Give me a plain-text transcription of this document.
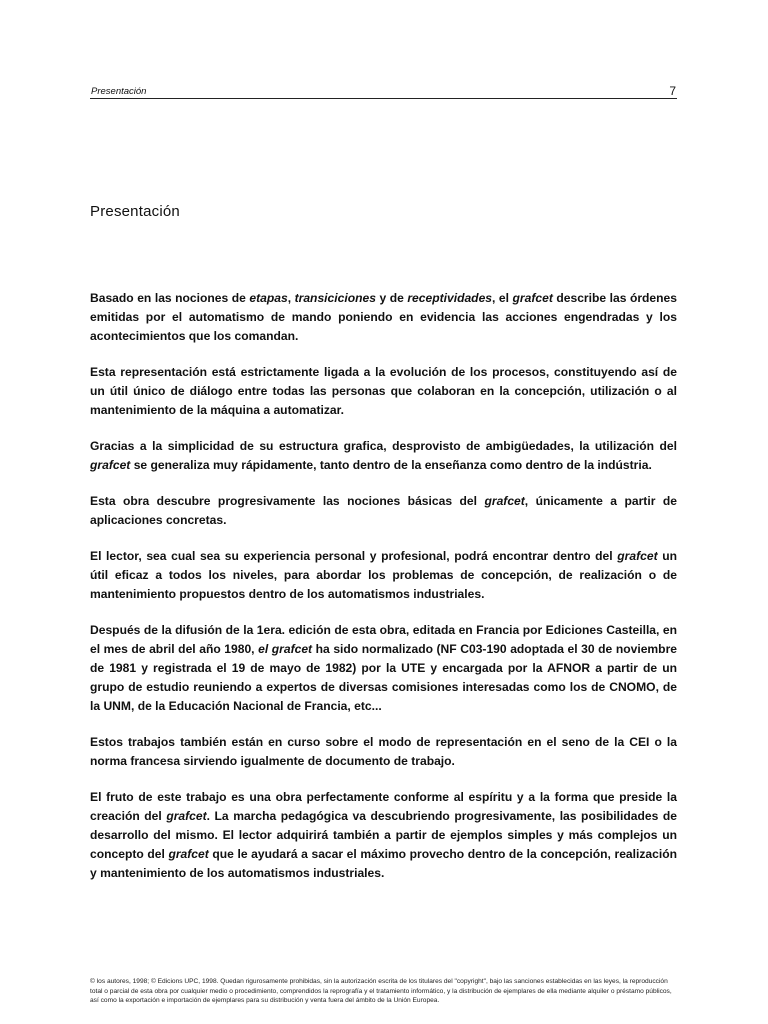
Presentación	7
Presentación

Basado en las nociones de etapas, transiciciones y de receptividades, el grafcet describe las órdenes emitidas por el automatismo de mando poniendo en evidencia las acciones engendradas y los acontecimientos que los comandan.

Esta representación está estrictamente ligada a la evolución de los procesos, constituyendo así de un útil único de diálogo entre todas las personas que colaboran en la concepción, utilización o al mantenimiento de la máquina a automatizar.

Gracias a la simplicidad de su estructura grafica, desprovisto de ambigüedades, la utilización del grafcet se generaliza muy rápidamente, tanto dentro de la enseñanza como dentro de la indústria.

Esta obra descubre progresivamente las nociones básicas del grafcet, únicamente a partir de aplicaciones concretas.

El lector, sea cual sea su experiencia personal y profesional, podrá encontrar dentro del grafcet un útil eficaz a todos los niveles, para abordar los problemas de concepción, de realización o de mantenimiento propuestos dentro de los automatismos industriales.

Después de la difusión de la 1era. edición de esta obra, editada en Francia por Ediciones Casteilla, en el mes de abril del año 1980, el grafcet ha sido normalizado (NF C03-190 adoptada el 30 de noviembre de 1981 y registrada el 19 de mayo de 1982) por la UTE y encargada por la AFNOR a partir de un grupo de estudio reuniendo a expertos de diversas comisiones interesadas como los de CNOMO, de la UNM, de la Educación Nacional de Francia, etc...

Estos trabajos también están en curso sobre el modo de representación en el seno de la CEI o la norma francesa sirviendo igualmente de documento de trabajo.

El fruto de este trabajo es una obra perfectamente conforme al espíritu y a la forma que preside la creación del grafcet. La marcha pedagógica va descubriendo progresivamente, las posibilidades de desarrollo del mismo. El lector adquirirá también a partir de ejemplos simples y más complejos un concepto del grafcet que le ayudará a sacar el máximo provecho dentro de la concepción, realización y mantenimiento de los automatismos industriales.

© los autores, 1998; © Edicions UPC, 1998. Quedan rigurosamente prohibidas, sin la autorización escrita de los titulares del "copyright", bajo las sanciones establecidas en las leyes, la reproducción total o parcial de esta obra por cualquier medio o procedimiento, comprendidos la reprografía y el tratamiento informático, y la distribución de ejemplares de ella mediante alquiler o préstamo públicos, así como la exportación e importación de ejemplares para su distribución y venta fuera del ámbito de la Unión Europea.
